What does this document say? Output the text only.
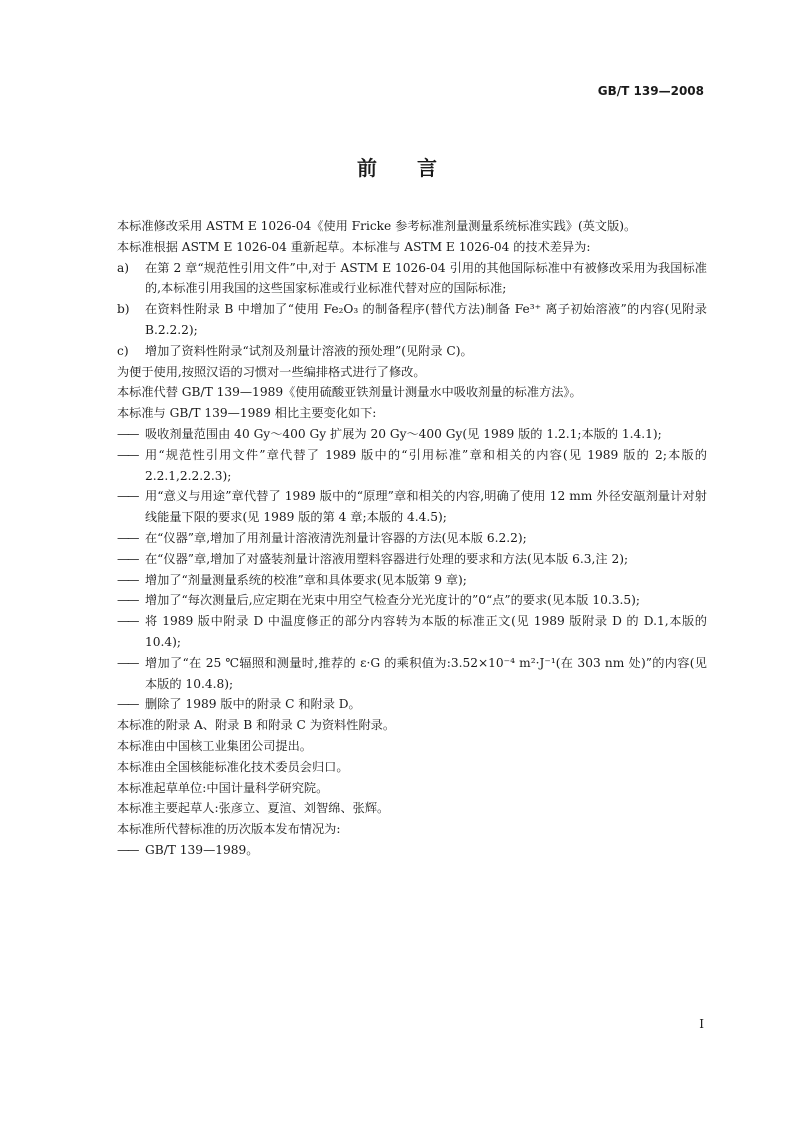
GB/T 139—2008
前言
本标准修改采用 ASTM E 1026-04《使用 Fricke 参考标准剂量测量系统标准实践》(英文版)。
本标准根据 ASTM E 1026-04 重新起草。本标准与 ASTM E 1026-04 的技术差异为:
a)	在第 2 章“规范性引用文件”中,对于 ASTM E 1026-04 引用的其他国际标准中有被修改采用为我国标准的,本标准引用我国的这些国家标准或行业标准代替对应的国际标准;
b)	在资料性附录 B 中增加了“使用 Fe₂O₃ 的制备程序(替代方法)制备 Fe³⁺ 离子初始溶液”的内容(见附录 B.2.2.2);
c)	增加了资料性附录“试剂及剂量计溶液的预处理”(见附录 C)。
为便于使用,按照汉语的习惯对一些编排格式进行了修改。
本标准代替 GB/T 139—1989《使用硫酸亚铁剂量计测量水中吸收剂量的标准方法》。
本标准与 GB/T 139—1989 相比主要变化如下:
—— 吸收剂量范围由 40 Gy～400 Gy 扩展为 20 Gy～400 Gy(见 1989 版的 1.2.1;本版的 1.4.1);
—— 用“规范性引用文件”章代替了 1989 版中的“引用标准”章和相关的内容(见 1989 版的 2;本版的 2.2.1,2.2.2.3);
—— 用“意义与用途”章代替了 1989 版中的“原理”章和相关的内容,明确了使用 12 mm 外径安瓿剂量计对射线能量下限的要求(见 1989 版的第 4 章;本版的 4.4.5);
—— 在“仪器”章,增加了用剂量计溶液清洗剂量计容器的方法(见本版 6.2.2);
—— 在“仪器”章,增加了对盛装剂量计溶液用塑料容器进行处理的要求和方法(见本版 6.3,注 2);
—— 增加了“剂量测量系统的校准”章和具体要求(见本版第 9 章);
—— 增加了“每次测量后,应定期在光束中用空气检查分光光度计的”0“点”的要求(见本版 10.3.5);
—— 将 1989 版中附录 D 中温度修正的部分内容转为本版的标准正文(见 1989 版附录 D 的 D.1,本版的 10.4);
—— 增加了“在 25 ℃辐照和测量时,推荐的 ε·G 的乘积值为:3.52×10⁻⁴ m²·J⁻¹(在 303 nm 处)”的内容(见本版的 10.4.8);
—— 删除了 1989 版中的附录 C 和附录 D。
本标准的附录 A、附录 B 和附录 C 为资料性附录。
本标准由中国核工业集团公司提出。
本标准由全国核能标准化技术委员会归口。
本标准起草单位:中国计量科学研究院。
本标准主要起草人:张彦立、夏渲、刘智绵、张辉。
本标准所代替标准的历次版本发布情况为:
—— GB/T 139—1989。
I
